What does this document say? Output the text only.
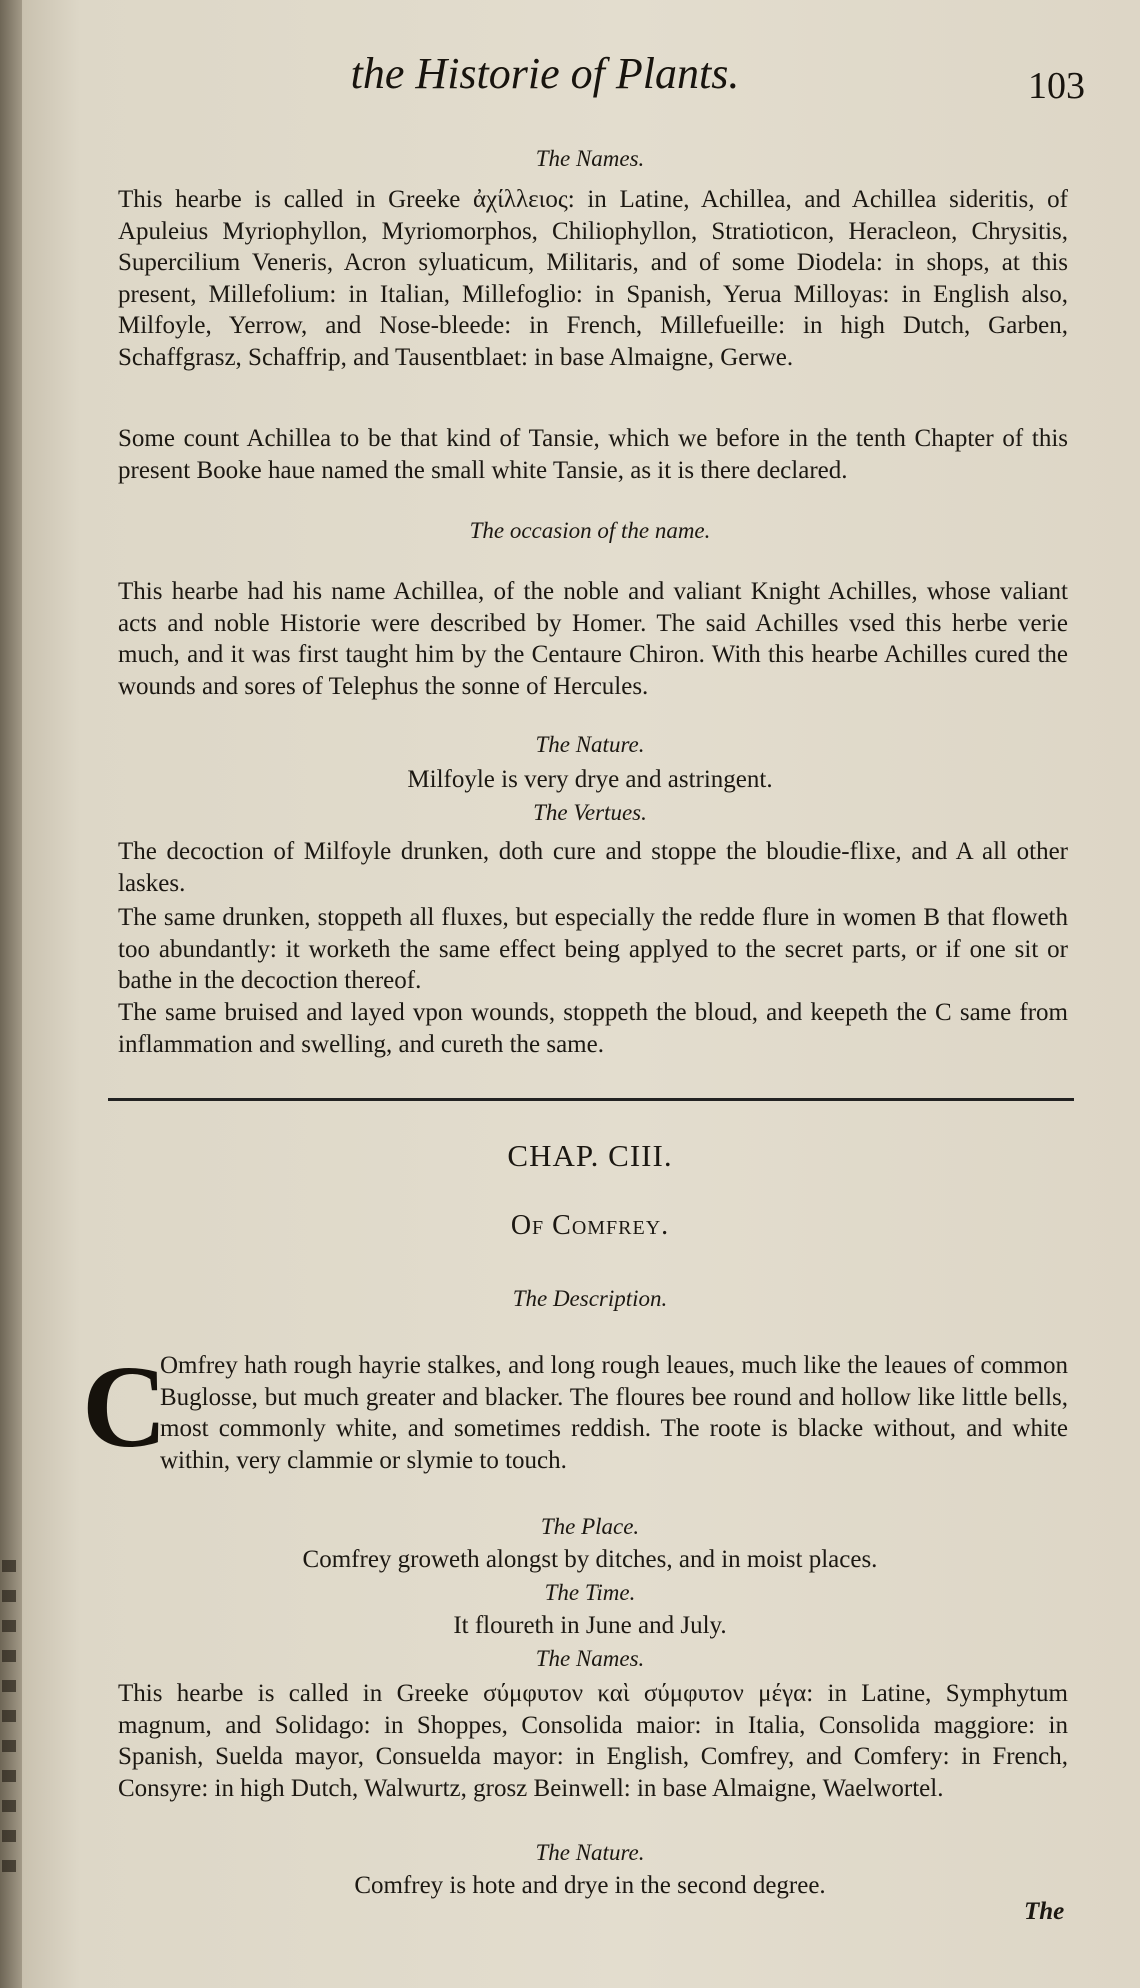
the Historie of Plants.	103
The Names.
This hearbe is called in Greeke ἀχίλλειος: in Latine, Achillea, and Achillea sideritis, of Apuleius Myriophyllon, Myriomorphos, Chiliophyllon, Stratioticon, Heracleon, Chrysitis, Supercilium Veneris, Acron syluaticum, Militaris, and of some Diodela: in shops, at this present, Millefolium: in Italian, Millefoglio: in Spanish, Yerua Milloyas: in English also, Milfoyle, Yerrow, and Nose-bleede: in French, Millefueille: in high Dutch, Garben, Schaffgrasz, Schaffrip, and Tausentblaet: in base Almaigne, Gerwe.
Some count Achillea to be that kind of Tansie, which we before in the tenth Chapter of this present Booke haue named the small white Tansie, as it is there declared.
The occasion of the name.
This hearbe had his name Achillea, of the noble and valiant Knight Achilles, whose valiant acts and noble Historie were described by Homer. The said Achilles vsed this herbe verie much, and it was first taught him by the Centaure Chiron. With this hearbe Achilles cured the wounds and sores of Telephus the sonne of Hercules.
The Nature.
Milfoyle is very drye and astringent.
The Vertues.
The decoction of Milfoyle drunken, doth cure and stoppe the bloudie-flixe, and A all other laskes.
The same drunken, stoppeth all fluxes, but especially the redde flure in women B that floweth too abundantly: it worketh the same effect being applyed to the secret parts, or if one sit or bathe in the decoction thereof.
The same bruised and layed vpon wounds, stoppeth the bloud, and keepeth the C same from inflammation and swelling, and cureth the same.
CHAP. CIII.
Of Comfrey.
The Description.
C
Omfrey hath rough hayrie stalkes, and long rough leaues, much like the leaues of common Buglosse, but much greater and blacker. The floures bee round and hollow like little bells, most commonly white, and sometimes reddish. The roote is blacke without, and white within, very clammie or slymie to touch.
The Place.
Comfrey groweth alongst by ditches, and in moist places.
The Time.
It floureth in June and July.
The Names.
This hearbe is called in Greeke σύμφυτον καὶ σύμφυτον μέγα: in Latine, Symphytum magnum, and Solidago: in Shoppes, Consolida maior: in Italia, Consolida maggiore: in Spanish, Suelda mayor, Consuelda mayor: in English, Comfrey, and Comfery: in French, Consyre: in high Dutch, Walwurtz, grosz Beinwell: in base Almaigne, Waelwortel.
The Nature.
Comfrey is hote and drye in the second degree.
The
